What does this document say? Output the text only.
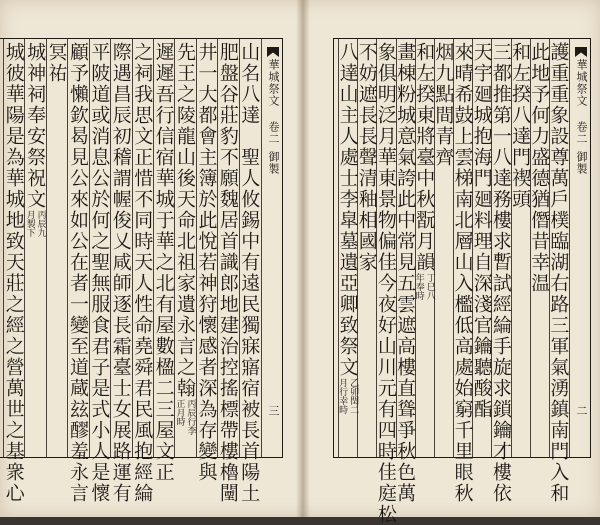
華城祭文
卷二
御製
三
山名八達　聖人攸錫中有遠民獨寐寤宿被長首陽土
肥盤谷莊豹不願魏居首識郎地建治控搖標帶樓櫓闉
井一大都會主簿於此悅若神狩懷感者深為存變與
先王之陵龍山後天命北祖家遺永言之翰
丙辰
正月
行李
時
遲遲吾行信宿華城于華之北有屋數楹二三屋文正
之祠我思文正惜不同時天人性命堯舜君民風抱經綸
際遇昌辰初稽謂幄俊乂咸師逐長霜臺士女展路運有
平陂道或消息公於何之聖無服食君子是式小人是懷
顧予懶欽曷見公來如公在者一變至道蔵玆醪羞永言
冥祐
城神祠奉安祭祝文
丙辰九
月製下
城彼華陽是為華城地致天莊之經之營萬世之基衆心	華城祭文
卷二
御製
二
護重重象設尊萬戶樸臨湖右路三軍氣湧鎮南門入和
此地予何力盛德猶僭昔幸温
和左揆八達門禊頭
三都推第一八達務樓求暫試經綸手旋求鎖鑰才樓依
天宇廻城抱海門廻料理自深淺官鑰聽酸酯
來晴希鼓上雲梯南北層山入檻低高處始窮千里眼秋
烟九點間青齊
和左揆東將臺中秋翫月韻
丁巳八
年奉時
畫棟粉城意氣誇此中常見五雲遮高樓直聳爭秋色萬
象俱明泛月華東景物偏佳今夜好山川元有四時佳庭松
不妨遮長長聲清釉相國家
八達山主人處士李皐墓遺亞卿致祭文
乙卯閏二
月行幸時
